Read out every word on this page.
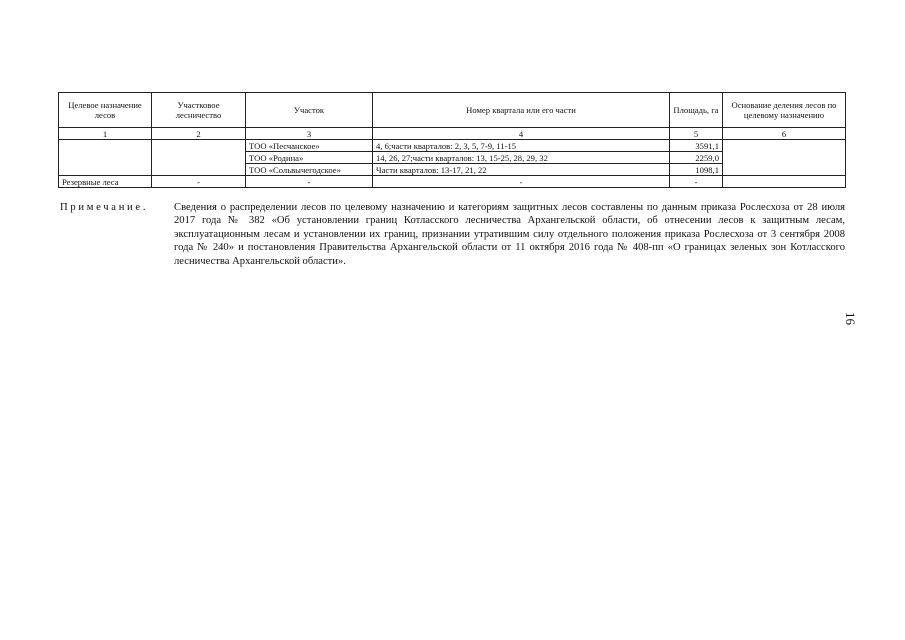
Целевое назначение лесов	Участковое лесничество	Участок	Номер квартала или его части	Площадь, га	Основание деления лесов по целевому назначению
1	2	3	4	5	6
		ТОО «Песчанское»	4, 6;части кварталов: 2, 3, 5, 7-9, 11-15	3591,1	
		ТОО «Родина»	14, 26, 27;части кварталов: 13, 15-25, 28, 29, 32	2259,0	
		ТОО «Сольвычегодское»	Части кварталов: 13-17, 21, 22	1098,1	
Резервные леса	-	-	-	-	
Примечание. Сведения о распределении лесов по целевому назначению и категориям защитных лесов составлены по данным приказа Рослесхоза от 28 июля 2017 года № 382 «Об установлении границ Котласского лесничества Архангельской области, об отнесении лесов к защитным лесам, эксплуатационным лесам и установлении их границ, признании утратившим силу отдельного положения приказа Рослесхоза от 3 сентября 2008 года № 240» и постановления Правительства Архангельской области от 11 октября 2016 года № 408-пп «О границах зеленых зон Котласского лесничества Архангельской области».
16
